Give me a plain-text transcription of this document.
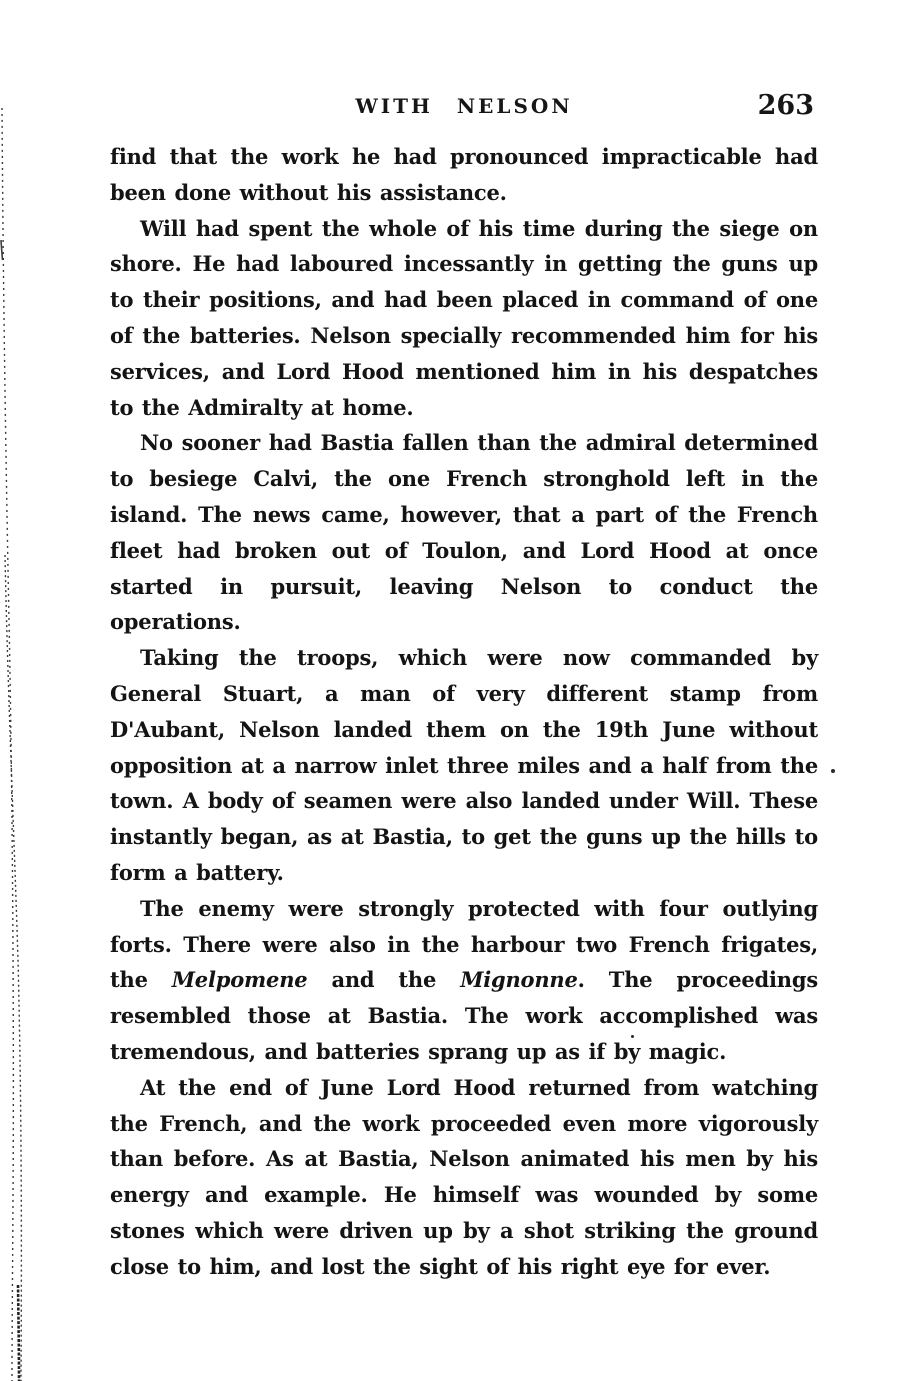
WITH NELSON	263

find that the work he had pronounced impracticable had been done without his assistance.

Will had spent the whole of his time during the siege on shore. He had laboured incessantly in getting the guns up to their positions, and had been placed in command of one of the batteries. Nelson specially recommended him for his services, and Lord Hood mentioned him in his despatches to the Admiralty at home.

No sooner had Bastia fallen than the admiral determined to besiege Calvi, the one French stronghold left in the island. The news came, however, that a part of the French fleet had broken out of Toulon, and Lord Hood at once started in pursuit, leaving Nelson to conduct the operations.

Taking the troops, which were now commanded by General Stuart, a man of very different stamp from D'Aubant, Nelson landed them on the 19th June without opposition at a narrow inlet three miles and a half from the town. A body of seamen were also landed under Will. These instantly began, as at Bastia, to get the guns up the hills to form a battery.

The enemy were strongly protected with four outlying forts. There were also in the harbour two French frigates, the Melpomene and the Mignonne. The proceedings resembled those at Bastia. The work accomplished was tremendous, and batteries sprang up as if by magic.

At the end of June Lord Hood returned from watching the French, and the work proceeded even more vigorously than before. As at Bastia, Nelson animated his men by his energy and example. He himself was wounded by some stones which were driven up by a shot striking the ground close to him, and lost the sight of his right eye for ever.
